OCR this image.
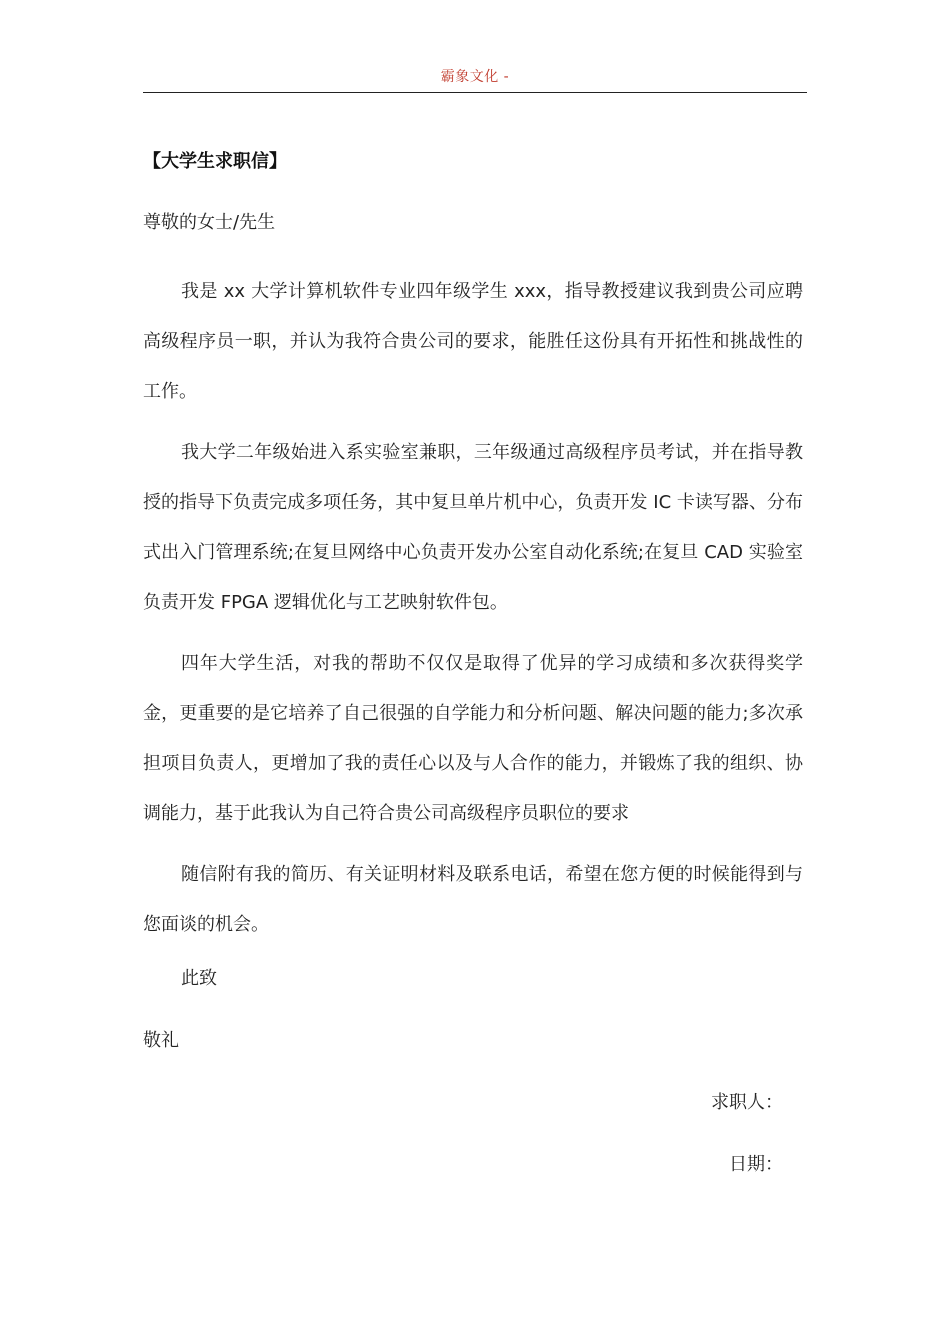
霸象文化 -
【大学生求职信】
尊敬的女士/先生

我是 xx 大学计算机软件专业四年级学生 xxx，指导教授建议我到贵公司应聘高级程序员一职，并认为我符合贵公司的要求，能胜任这份具有开拓性和挑战性的工作。

我大学二年级始进入系实验室兼职，三年级通过高级程序员考试，并在指导教授的指导下负责完成多项任务，其中复旦单片机中心，负责开发 IC 卡读写器、分布式出入门管理系统;在复旦网络中心负责开发办公室自动化系统;在复旦 CAD 实验室负责开发 FPGA 逻辑优化与工艺映射软件包。

四年大学生活，对我的帮助不仅仅是取得了优异的学习成绩和多次获得奖学金，更重要的是它培养了自己很强的自学能力和分析问题、解决问题的能力;多次承担项目负责人，更增加了我的责任心以及与人合作的能力，并锻炼了我的组织、协调能力，基于此我认为自己符合贵公司高级程序员职位的要求

随信附有我的简历、有关证明材料及联系电话，希望在您方便的时候能得到与您面谈的机会。

此致
敬礼
求职人：
日期：
